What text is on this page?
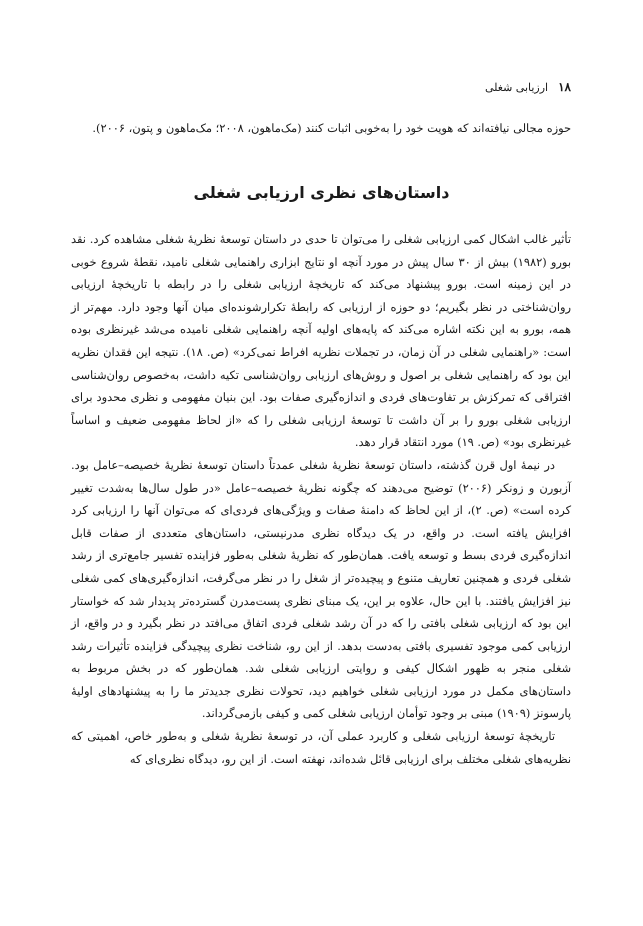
۱۸
ارزیابی شغلی
حوزه مجالی نیافته‌اند که هویت خود را به‌خوبی اثبات کنند (مک‌ماهون، ۲۰۰۸؛ مک‌ماهون و پتون، ۲۰۰۶).
داستان‌های نظری ارزیابی شغلی

تأثیر غالب اشکال کمی ارزیابی شغلی را می‌توان تا حدی در داستان توسعهٔ نظریهٔ شغلی مشاهده کرد. نقد بورو (۱۹۸۲) بیش از ۳۰ سال پیش در مورد آنچه او نتایج ابزاری راهنمایی شغلی نامید، نقطهٔ شروع خوبی در این زمینه است. بورو پیشنهاد می‌کند که تاریخچهٔ ارزیابی شغلی را در رابطه با تاریخچهٔ ارزیابی روان‌شناختی در نظر بگیریم؛ دو حوزه از ارزیابی که رابطهٔ تکرارشونده‌ای میان آنها وجود دارد. مهم‌تر از همه، بورو به این نکته اشاره می‌کند که پایه‌های اولیه آنچه راهنمایی شغلی نامیده می‌شد غیرنظری بوده است: «راهنمایی شغلی در آن زمان، در تجملات نظریه افراط نمی‌کرد» (ص. ۱۸). نتیجه این فقدان نظریه این بود که راهنمایی شغلی بر اصول و روش‌های ارزیابی روان‌شناسی تکیه داشت، به‌خصوص روان‌شناسی افتراقی که تمرکزش بر تفاوت‌های فردی و اندازه‌گیری صفات بود. این بنیان مفهومی و نظری محدود برای ارزیابی شغلی بورو را بر آن داشت تا توسعهٔ ارزیابی شغلی را که «از لحاظ مفهومی ضعیف و اساساً غیرنظری بود» (ص. ۱۹) مورد انتقاد قرار دهد.

در نیمهٔ اول قرن گذشته، داستان توسعهٔ نظریهٔ شغلی عمدتاً داستان توسعهٔ نظریهٔ خصیصه–عامل بود. آزبورن و زونکر (۲۰۰۶) توضیح می‌دهند که چگونه نظریهٔ خصیصه–عامل «در طول سال‌ها به‌شدت تغییر کرده است» (ص. ۲)، از این لحاظ که دامنهٔ صفات و ویژگی‌های فردی‌ای که می‌توان آنها را ارزیابی کرد افزایش یافته است. در واقع، در یک دیدگاه نظری مدرنیستی، داستان‌های متعددی از صفات قابل اندازه‌گیری فردی بسط و توسعه یافت. همان‌طور که نظریهٔ شغلی به‌طور فزاینده تفسیر جامع‌تری از رشد شغلی فردی و همچنین تعاریف متنوع و پیچیده‌تر از شغل را در نظر می‌گرفت، اندازه‌گیری‌های کمی شغلی نیز افزایش یافتند. با این حال، علاوه بر این، یک مبنای نظری پست‌مدرن گسترده‌تر پدیدار شد که خواستار این بود که ارزیابی شغلی بافتی را که در آن رشد شغلی فردی اتفاق می‌افتد در نظر بگیرد و در واقع، از ارزیابی کمی موجود تفسیری بافتی به‌دست بدهد. از این رو، شناخت نظری پیچیدگی فزاینده تأثیرات رشد شغلی منجر به ظهور اشکال کیفی و روایتی ارزیابی شغلی شد. همان‌طور که در بخش مربوط به داستان‌های مکمل در مورد ارزیابی شغلی خواهیم دید، تحولات نظری جدیدتر ما را به پیشنهادهای اولیهٔ پارسونز (۱۹۰۹) مبنی بر وجود توأمان ارزیابی شغلی کمی و کیفی بازمی‌گرداند.

تاریخچهٔ توسعهٔ ارزیابی شغلی و کاربرد عملی آن، در توسعهٔ نظریهٔ شغلی و به‌طور خاص، اهمیتی که نظریه‌های شغلی مختلف برای ارزیابی قائل شده‌اند، نهفته است. از این رو، دیدگاه نظری‌ای که
